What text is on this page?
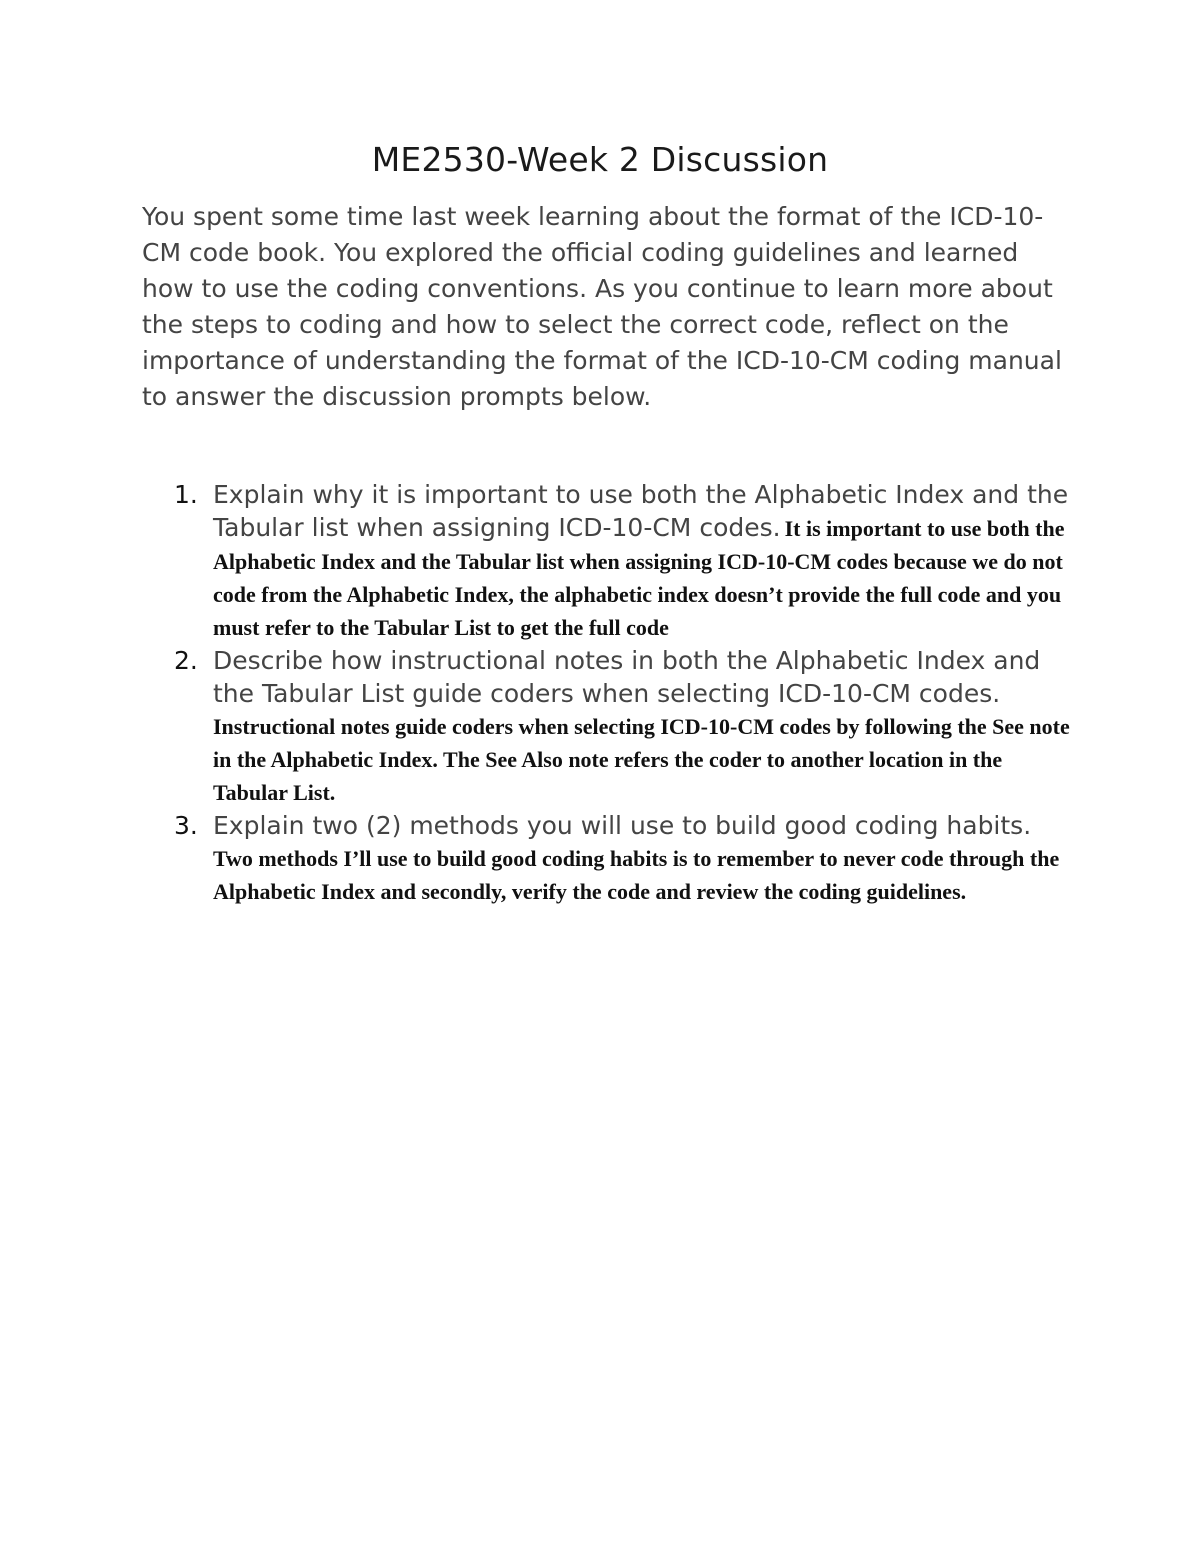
ME2530-Week 2 Discussion

You spent some time last week learning about the format of the ICD-10-CM code book. You explored the official coding guidelines and learned how to use the coding conventions. As you continue to learn more about the steps to coding and how to select the correct code, reflect on the importance of understanding the format of the ICD-10-CM coding manual to answer the discussion prompts below.

1. Explain why it is important to use both the Alphabetic Index and the Tabular list when assigning ICD-10-CM codes. It is important to use both the Alphabetic Index and the Tabular list when assigning ICD-10-CM codes because we do not code from the Alphabetic Index, the alphabetic index doesn’t provide the full code and you must refer to the Tabular List to get the full code
2. Describe how instructional notes in both the Alphabetic Index and the Tabular List guide coders when selecting ICD-10-CM codes. Instructional notes guide coders when selecting ICD-10-CM codes by following the See note in the Alphabetic Index. The See Also note refers the coder to another location in the Tabular List.
3. Explain two (2) methods you will use to build good coding habits. Two methods I’ll use to build good coding habits is to remember to never code through the Alphabetic Index and secondly, verify the code and review the coding guidelines.
